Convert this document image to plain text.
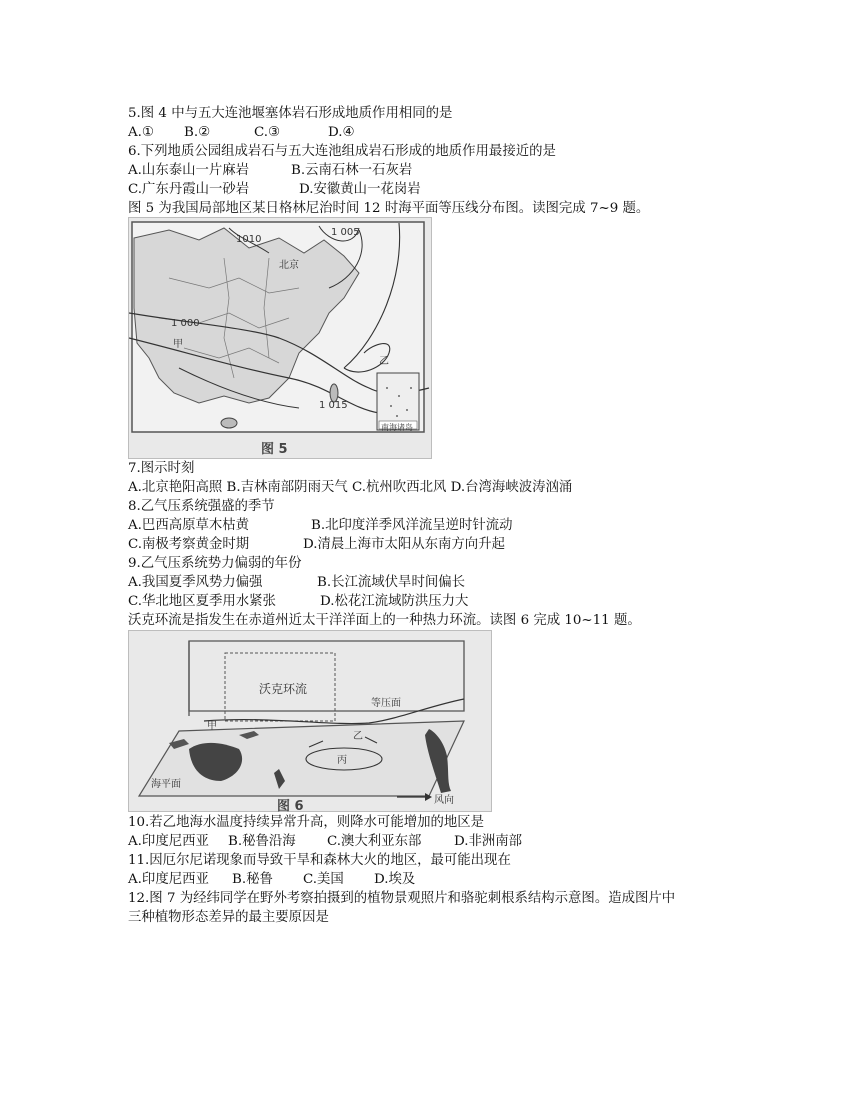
5.图 4 中与五大连池堰塞体岩石形成地质作用相同的是
A.① B.②	C.③	D.④
6.下列地质公园组成岩石与五大连池组成岩石形成的地质作用最接近的是
A.山东泰山一片麻岩	B.云南石林一石灰岩
C.广东丹霞山一砂岩	D.安徽黄山一花岗岩
图 5 为我国局部地区某日格林尼治时间 12 时海平面等压线分布图。读图完成 7~9 题。
1 005
1010
北京
1 000
甲
乙
1 015
南海诸岛
图 5
7.图示时刻
A.北京艳阳高照 B.吉林南部阴雨天气 C.杭州吹西北风 D.台湾海峡波涛汹涌
8.乙气压系统强盛的季节
A.巴西高原草木枯黄	B.北印度洋季风洋流呈逆时针流动
C.南极考察黄金时期	D.清晨上海市太阳从东南方向升起
9.乙气压系统势力偏弱的年份
A.我国夏季风势力偏强	B.长江流域伏旱时间偏长
C.华北地区夏季用水紧张	D.松花江流域防洪压力大
沃克环流是指发生在赤道州近太干洋洋面上的一种热力环流。读图 6 完成 10~11 题。
沃克环流
等压面
甲
乙
丙
海平面
风向
图 6
10.若乙地海水温度持续异常升高，则降水可能增加的地区是
A.印度尼西亚 B.秘鲁沿海 C.澳大利亚东部 D.非洲南部
11.因厄尔尼诺现象而导致干旱和森林大火的地区，最可能出现在
A.印度尼西亚 B.秘鲁 C.美国 D.埃及
12.图 7 为经纬同学在野外考察拍摄到的植物景观照片和骆驼刺根系结构示意图。造成图片中
三种植物形态差异的最主要原因是
